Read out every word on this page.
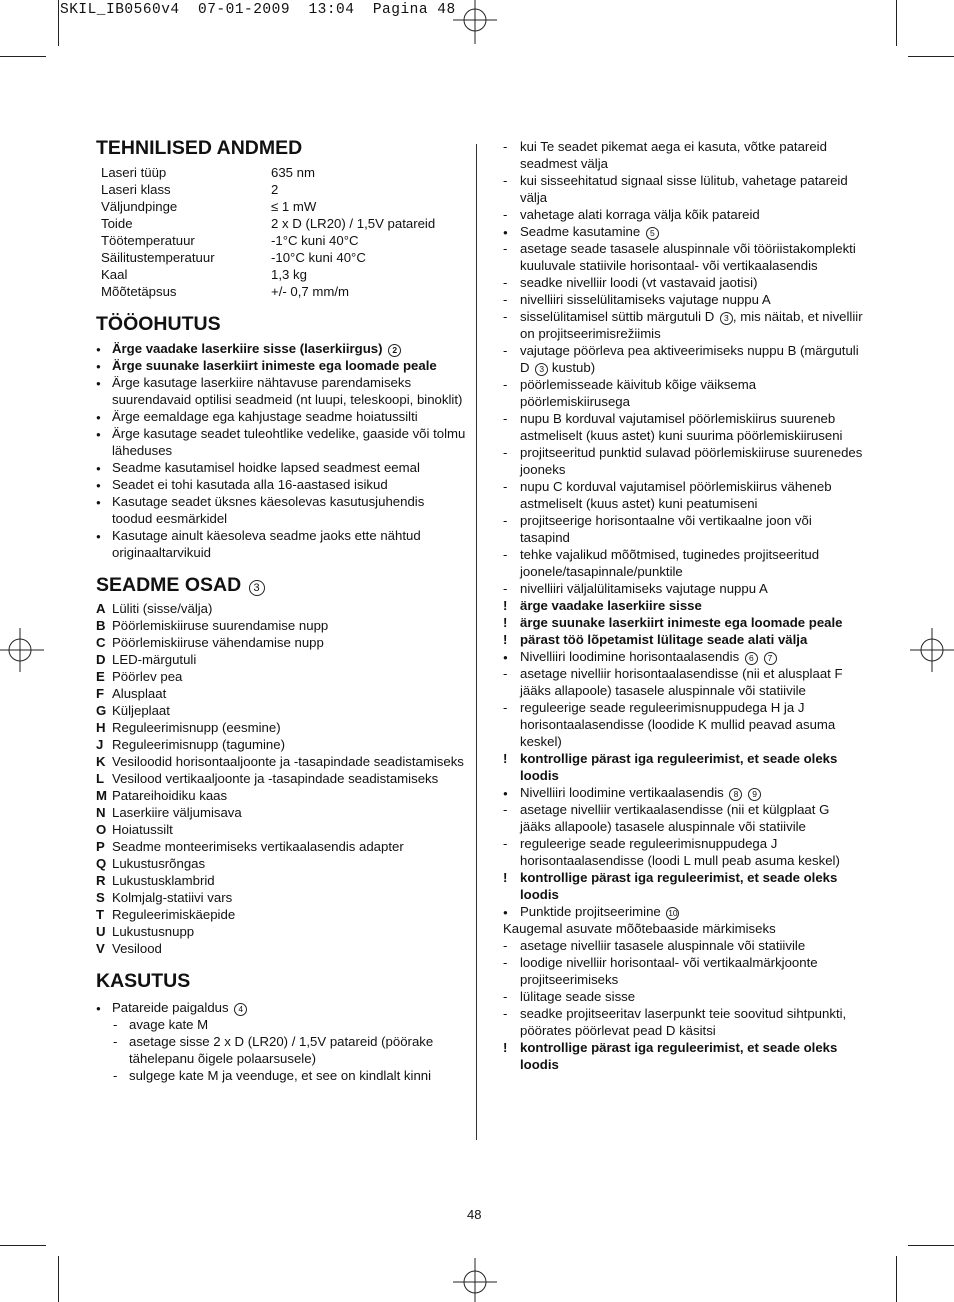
SKIL_IB0560v4  07-01-2009  13:04  Pagina 48
TEHNILISED ANDMED
Laseri tüüp	635 nm
Laseri klass	2
Väljundpinge	≤ 1 mW
Toide	2 x D (LR20) / 1,5V patareid
Töötemperatuur	-1°C kuni 40°C
Säilitustemperatuur	-10°C kuni 40°C
Kaal	1,3 kg
Mõõtetäpsus	+/- 0,7 mm/m
TÖÖOHUTUS
● Ärge vaadake laserkiire sisse (laserkiirgus) 2
● Ärge suunake laserkiirt inimeste ega loomade peale
● Ärge kasutage laserkiire nähtavuse parendamiseks suurendavaid optilisi seadmeid (nt luupi, teleskoopi, binoklit)
● Ärge eemaldage ega kahjustage seadme hoiatussilti
● Ärge kasutage seadet tuleohtlike vedelike, gaaside või tolmu läheduses
● Seadme kasutamisel hoidke lapsed seadmest eemal
● Seadet ei tohi kasutada alla 16-aastased isikud
● Kasutage seadet üksnes käesolevas kasutusjuhendis toodud eesmärkidel
● Kasutage ainult käesoleva seadme jaoks ette nähtud originaaltarvikuid
SEADME OSAD 3
A Lüliti (sisse/välja)
B Pöörlemiskiiruse suurendamise nupp
C Pöörlemiskiiruse vähendamise nupp
D LED-märgutuli
E Pöörlev pea
F Alusplaat
G Küljeplaat
H Reguleerimisnupp (eesmine)
J Reguleerimisnupp (tagumine)
K Vesiloodid horisontaaljoonte ja -tasapindade seadistamiseks
L Vesilood vertikaaljoonte ja -tasapindade seadistamiseks
M Patareihoidiku kaas
N Laserkiire väljumisava
O Hoiatussilt
P Seadme monteerimiseks vertikaalasendis adapter
Q Lukustusrõngas
R Lukustusklambrid
S Kolmjalg-statiivi vars
T Reguleerimiskäepide
U Lukustusnupp
V Vesilood
KASUTUS
● Patareide paigaldus 4
- avage kate M
- asetage sisse 2 x D (LR20) / 1,5V patareid (pöörake tähelepanu õigele polaarsusele)
- sulgege kate M ja veenduge, et see on kindlalt kinni
- kui Te seadet pikemat aega ei kasuta, võtke patareid seadmest välja
- kui sisseehitatud signaal sisse lülitub, vahetage patareid välja
- vahetage alati korraga välja kõik patareid
● Seadme kasutamine 5
- asetage seade tasasele aluspinnale või tööriistakomplekti kuuluvale statiivile horisontaal- või vertikaalasendis
- seadke nivelliir loodi (vt vastavaid jaotisi)
- nivelliiri sisselülitamiseks vajutage nuppu A
- sisselülitamisel süttib märgutuli D 3 , mis näitab, et nivelliir on projitseerimisrežiimis
- vajutage pöörleva pea aktiveerimiseks nuppu B (märgutuli D 3 kustub)
- pöörlemisseade käivitub kõige väiksema pöörlemiskiirusega
- nupu B korduval vajutamisel pöörlemiskiirus suureneb astmeliselt (kuus astet) kuni suurima pöörlemiskiiruseni
- projitseeritud punktid sulavad pöörlemiskiiruse suurenedes jooneks
- nupu C korduval vajutamisel pöörlemiskiirus väheneb astmeliselt (kuus astet) kuni peatumiseni
- projitseerige horisontaalne või vertikaalne joon või tasapind
- tehke vajalikud mõõtmised, tuginedes projitseeritud joonele/tasapinnale/punktile
- nivelliiri väljalülitamiseks vajutage nuppu A
! ärge vaadake laserkiire sisse
! ärge suunake laserkiirt inimeste ega loomade peale
! pärast töö lõpetamist lülitage seade alati välja
● Nivelliiri loodimine horisontaalasendis 6 7
- asetage nivelliir horisontaalasendisse (nii et alusplaat F jääks allapoole) tasasele aluspinnale või statiivile
- reguleerige seade reguleerimisnuppudega H ja J horisontaalasendisse (loodide K mullid peavad asuma keskel)
! kontrollige pärast iga reguleerimist, et seade oleks loodis
● Nivelliiri loodimine vertikaalasendis 8 9
- asetage nivelliir vertikaalasendisse (nii et külgplaat G jääks allapoole) tasasele aluspinnale või statiivile
- reguleerige seade reguleerimisnuppudega J horisontaalasendisse (loodi L mull peab asuma keskel)
! kontrollige pärast iga reguleerimist, et seade oleks loodis
● Punktide projitseerimine 10
Kaugemal asuvate mõõtebaaside märkimiseks
- asetage nivelliir tasasele aluspinnale või statiivile
- loodige nivelliir horisontaal- või vertikaalmärkjoonte projitseerimiseks
- lülitage seade sisse
- seadke projitseeritav laserpunkt teie soovitud sihtpunkti, pöörates pöörlevat pead D käsitsi
! kontrollige pärast iga reguleerimist, et seade oleks loodis
48
